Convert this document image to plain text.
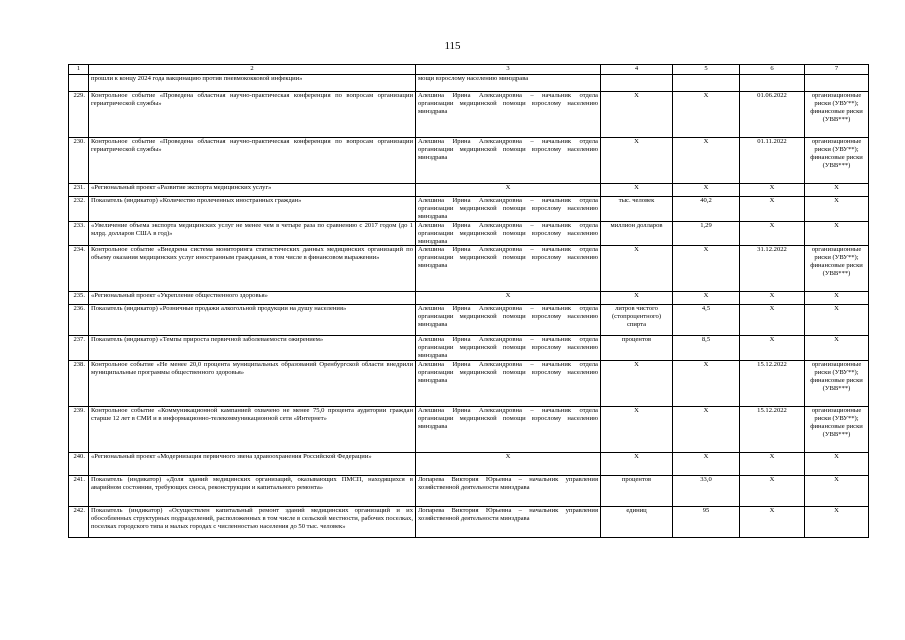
115
1	2	3	4	5	6	7
	прошли к концу 2024 года вакцинацию против пневмококковой инфекции»	мощи взрослому населению минздрава				
229.	Контрольное событие «Проведена областная научно-практическая конференция по вопросам организации гериатрической службы»	Алешина Ирина Александровна – начальник отдела организации медицинской помощи взрослому населению минздрава	Х	Х	01.06.2022	организационные риски (УВУ**); финансовые риски (УВВ***)
230.	Контрольное событие «Проведена областная научно-практическая конференция по вопросам организации гериатрической службы»	Алешина Ирина Александровна – начальник отдела организации медицинской помощи взрослому населению минздрава	Х	Х	01.11.2022	организационные риски (УВУ**); финансовые риски (УВВ***)
231.	«Региональный проект «Развитие экспорта медицинских услуг»	Х	Х	Х	Х	Х
232.	Показатель (индикатор) «Количество пролеченных иностранных граждан»	Алешина Ирина Александровна – начальник отдела организации медицинской помощи взрослому населению минздрава	тыс. человек	40,2	Х	Х
233.	«Увеличение объема экспорта медицинских услуг не менее чем в четыре раза по сравнению с 2017 годом (до 1 млрд. долларов США в год)»	Алешина Ирина Александровна – начальник отдела организации медицинской помощи взрослому населению минздрава	миллион долларов	1,29	Х	Х
234.	Контрольное событие «Внедрена система мониторинга статистических данных медицинских организаций по объему оказания медицинских услуг иностранным гражданам, в том числе в финансовом выражении»	Алешина Ирина Александровна – начальник отдела организации медицинской помощи взрослому населению минздрава	Х	Х	31.12.2022	организационные риски (УВУ**); финансовые риски (УВВ***)
235.	«Региональный проект «Укрепление общественного здоровья»	Х	Х	Х	Х	Х
236.	Показатель (индикатор) «Розничные продажи алкогольной продукции на душу населения»	Алешина Ирина Александровна – начальник отдела организации медицинской помощи взрослому населению минздрава	литров чистого (стопроцентного) спирта	4,5	Х	Х
237.	Показатель (индикатор) «Темпы прироста первичной заболеваемости ожирением»	Алешина Ирина Александровна – начальник отдела организации медицинской помощи взрослому населению минздрава	процентов	8,5	Х	Х
238.	Контрольное событие «Не менее 20,0 процента муниципальных образований Оренбургской области внедрили муниципальные программы общественного здоровья»	Алешина Ирина Александровна – начальник отдела организации медицинской помощи взрослому населению минздрава	Х	Х	15.12.2022	организационные риски (УВУ**); финансовые риски (УВВ***)
239.	Контрольное событие «Коммуникационной кампанией охвачено не менее 75,0 процента аудитории граждан старше 12 лет в СМИ и в информационно-телекоммуникационной сети «Интернет»	Алешина Ирина Александровна – начальник отдела организации медицинской помощи взрослому населению минздрава	Х	Х	15.12.2022	организационные риски (УВУ**); финансовые риски (УВВ***)
240.	«Региональный проект «Модернизация первичного звена здравоохранения Российской Федерации»	Х	Х	Х	Х	Х
241.	Показатель (индикатор) «Доля зданий медицинских организаций, оказывающих ПМСП, находящихся в аварийном состоянии, требующих сноса, реконструкции и капитального ремонта»	Лопарева Виктория Юрьевна – начальник управления хозяйственной деятельности минздрава	процентов	33,0	Х	Х
242.	Показатель (индикатор) «Осуществлен капитальный ремонт зданий медицинских организаций и их обособленных структурных подразделений, расположенных в том числе в сельской местности, рабочих поселках, поселках городского типа и малых городах с численностью населения до 50 тыс. человек»	Лопарева Виктория Юрьевна – начальник управления хозяйственной деятельности минздрава	единиц	95	Х	Х
